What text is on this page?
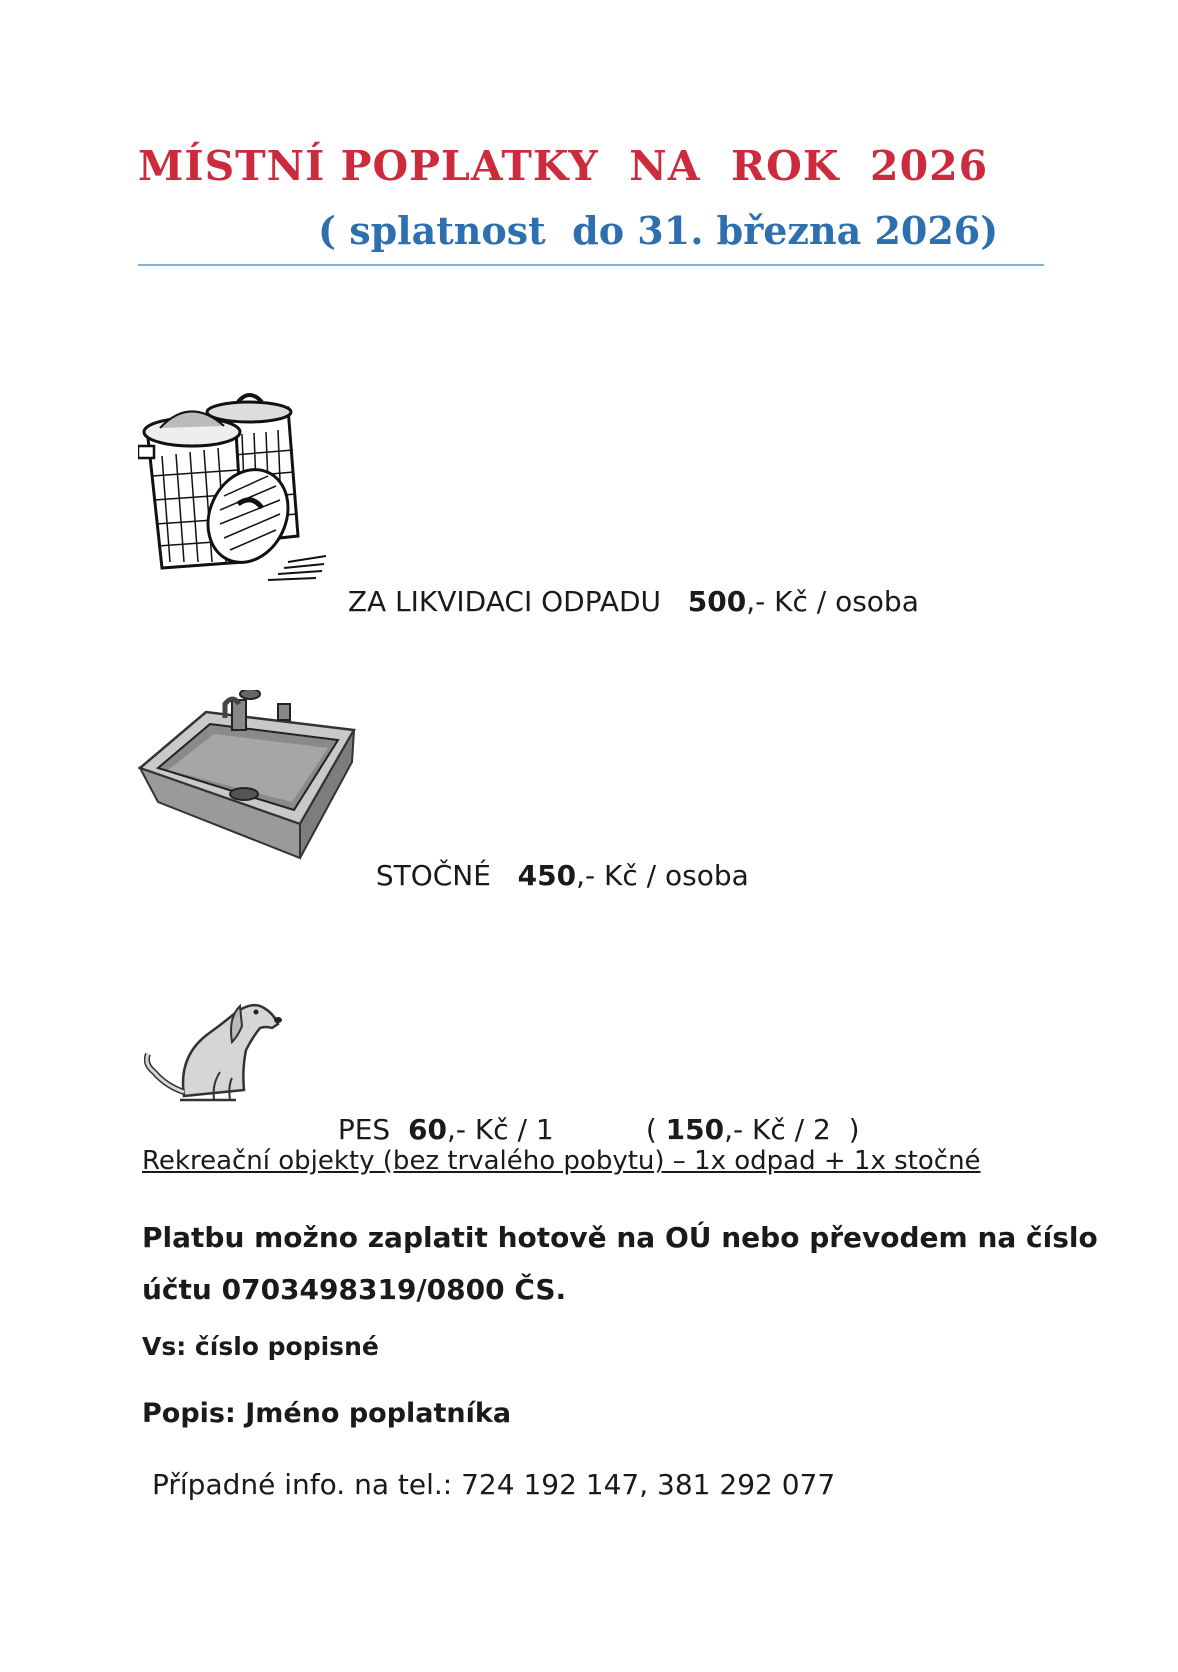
MÍSTNÍ POPLATKY  NA  ROK  2026
( splatnost  do 31. března 2026)

ZA LIKVIDACI ODPADU 500,- Kč / osoba

STOČNÉ 450,- Kč / osoba

PES 60,- Kč / 1	( 150,- Kč / 2  )

Rekreační objekty (bez trvalého pobytu) – 1x odpad + 1x stočné

Platbu možno zaplatit hotově na OÚ nebo převodem na číslo účtu 0703498319/0800 ČS.

Vs: číslo popisné
Popis: Jméno poplatníka
Případné info. na tel.: 724 192 147, 381 292 077
